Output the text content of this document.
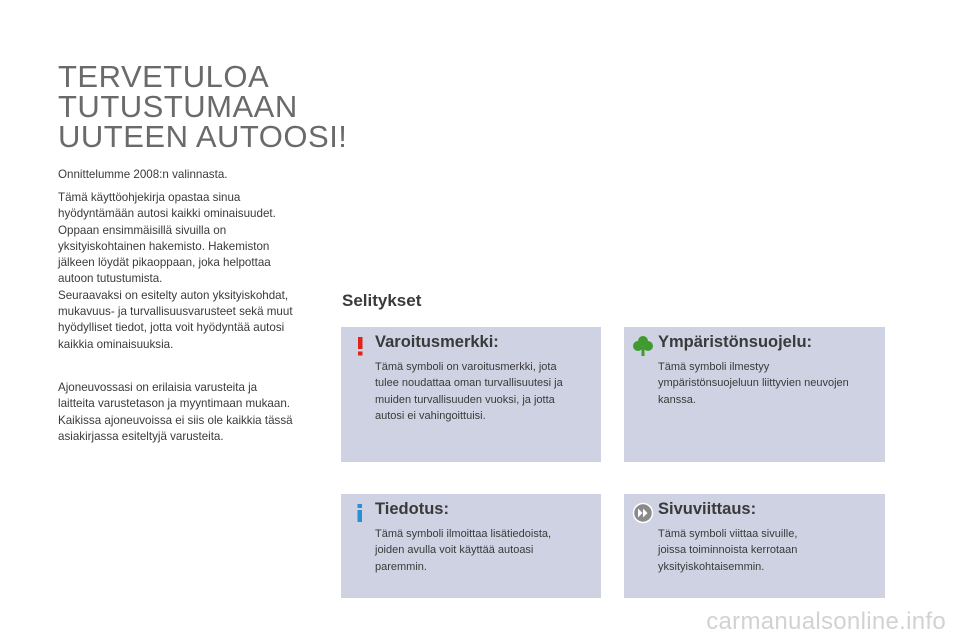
TERVETULOA
TUTUSTUMAAN
UUTEEN AUTOOSI!

Onnittelumme 2008:n valinnasta.

Tämä käyttöohjekirja opastaa sinua
hyödyntämään autosi kaikki ominaisuudet.
Oppaan ensimmäisillä sivuilla on
yksityiskohtainen hakemisto. Hakemiston
jälkeen löydät pikaoppaan, joka helpottaa
autoon tutustumista.
Seuraavaksi on esitelty auton yksityiskohdat,
mukavuus- ja turvallisuusvarusteet sekä muut
hyödylliset tiedot, jotta voit hyödyntää autosi
kaikkia ominaisuuksia.

Ajoneuvossasi on erilaisia varusteita ja
laitteita varustetason ja myyntimaan mukaan.
Kaikissa ajoneuvoissa ei siis ole kaikkia tässä
asiakirjassa esiteltyjä varusteita.

Selitykset
Varoitusmerkki:

Tämä symboli on varoitusmerkki, jota
tulee noudattaa oman turvallisuutesi ja
muiden turvallisuuden vuoksi, ja jotta
autosi ei vahingoittuisi.

Ympäristönsuojelu:

Tämä symboli ilmestyy
ympäristönsuojeluun liittyvien neuvojen
kanssa.

Tiedotus:

Tämä symboli ilmoittaa lisätiedoista,
joiden avulla voit käyttää autoasi
paremmin.

Sivuviittaus:

Tämä symboli viittaa sivuille,
joissa toiminnoista kerrotaan
yksityiskohtaisemmin.

carmanualsonline.info
